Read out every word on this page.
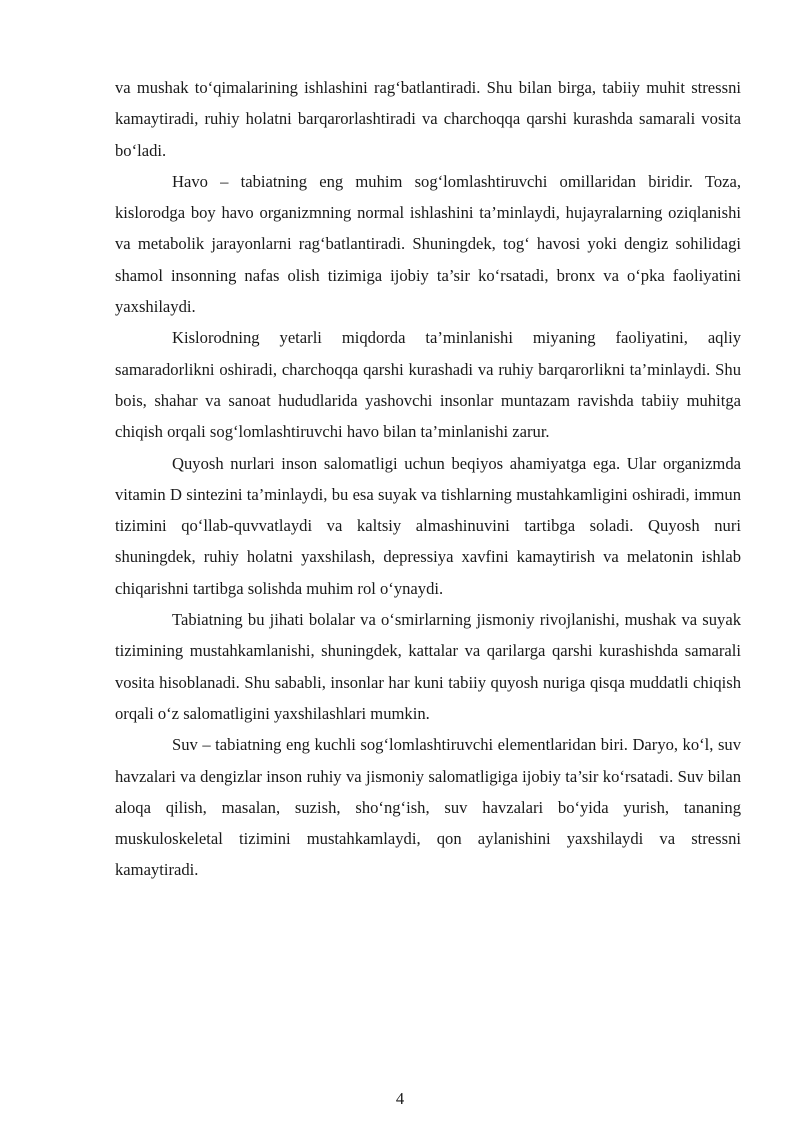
va mushak to‘qimalarining ishlashini rag‘batlantiradi. Shu bilan birga, tabiiy muhit stressni kamaytiradi, ruhiy holatni barqarorlashtiradi va charchoqqa qarshi kurashda samarali vosita bo‘ladi.

Havo – tabiatning eng muhim sog‘lomlashtiruvchi omillaridan biridir. Toza, kislorodga boy havo organizmning normal ishlashini ta’minlaydi, hujayralarning oziqlanishi va metabolik jarayonlarni rag‘batlantiradi. Shuningdek, tog‘ havosi yoki dengiz sohilidagi shamol insonning nafas olish tizimiga ijobiy ta’sir ko‘rsatadi, bronx va o‘pka faoliyatini yaxshilaydi.

Kislorodning yetarli miqdorda ta’minlanishi miyaning faoliyatini, aqliy samaradorlikni oshiradi, charchoqqa qarshi kurashadi va ruhiy barqarorlikni ta’minlaydi. Shu bois, shahar va sanoat hududlarida yashovchi insonlar muntazam ravishda tabiiy muhitga chiqish orqali sog‘lomlashtiruvchi havo bilan ta’minlanishi zarur.

Quyosh nurlari inson salomatligi uchun beqiyos ahamiyatga ega. Ular organizmda vitamin D sintezini ta’minlaydi, bu esa suyak va tishlarning mustahkamligini oshiradi, immun tizimini qo‘llab-quvvatlaydi va kaltsiy almashinuvini tartibga soladi. Quyosh nuri shuningdek, ruhiy holatni yaxshilash, depressiya xavfini kamaytirish va melatonin ishlab chiqarishni tartibga solishda muhim rol o‘ynaydi.

Tabiatning bu jihati bolalar va o‘smirlarning jismoniy rivojlanishi, mushak va suyak tizimining mustahkamlanishi, shuningdek, kattalar va qarilarga qarshi kurashishda samarali vosita hisoblanadi. Shu sababli, insonlar har kuni tabiiy quyosh nuriga qisqa muddatli chiqish orqali o‘z salomatligini yaxshilashlari mumkin.

Suv – tabiatning eng kuchli sog‘lomlashtiruvchi elementlaridan biri. Daryo, ko‘l, suv havzalari va dengizlar inson ruhiy va jismoniy salomatligiga ijobiy ta’sir ko‘rsatadi. Suv bilan aloqa qilish, masalan, suzish, sho‘ng‘ish, suv havzalari bo‘yida yurish, tananing muskuloskeletal tizimini mustahkamlaydi, qon aylanishini yaxshilaydi va stressni kamaytiradi.

4
